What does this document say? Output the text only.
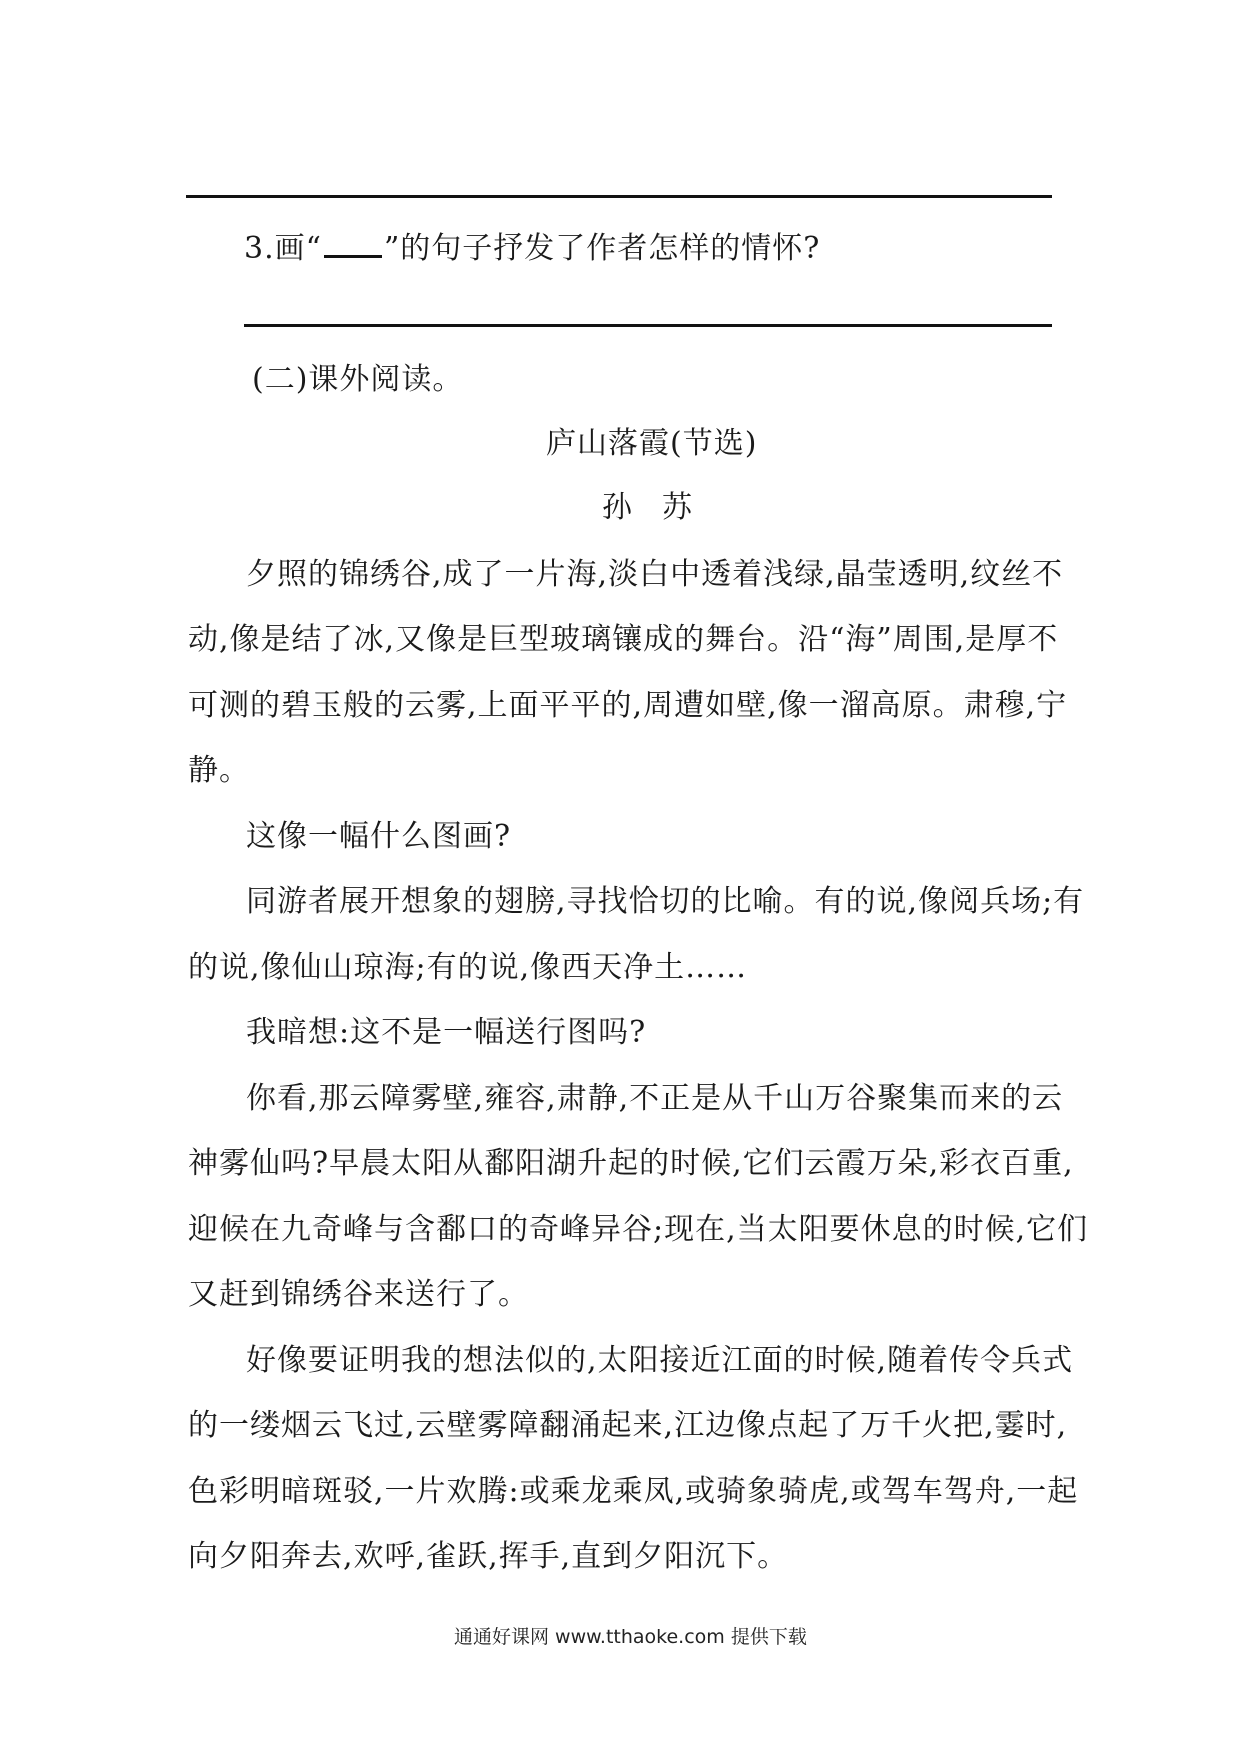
3.画“ ”的句子抒发了作者怎样的情怀?
(二)课外阅读。
庐山落霞(节选)
孙苏
夕照的锦绣谷,成了一片海,淡白中透着浅绿,晶莹透明,纹丝不
动,像是结了冰,又像是巨型玻璃镶成的舞台。沿“海”周围,是厚不
可测的碧玉般的云雾,上面平平的,周遭如壁,像一溜高原。肃穆,宁
静。
这像一幅什么图画?
同游者展开想象的翅膀,寻找恰切的比喻。有的说,像阅兵场;有
的说,像仙山琼海;有的说,像西天净土……
我暗想:这不是一幅送行图吗?
你看,那云障雾壁,雍容,肃静,不正是从千山万谷聚集而来的云
神雾仙吗?早晨太阳从鄱阳湖升起的时候,它们云霞万朵,彩衣百重,
迎候在九奇峰与含鄱口的奇峰异谷;现在,当太阳要休息的时候,它们
又赶到锦绣谷来送行了。
好像要证明我的想法似的,太阳接近江面的时候,随着传令兵式
的一缕烟云飞过,云壁雾障翻涌起来,江边像点起了万千火把,霎时,
色彩明暗斑驳,一片欢腾:或乘龙乘凤,或骑象骑虎,或驾车驾舟,一起
向夕阳奔去,欢呼,雀跃,挥手,直到夕阳沉下。
通通好课网 www.tthaoke.com 提供下载
